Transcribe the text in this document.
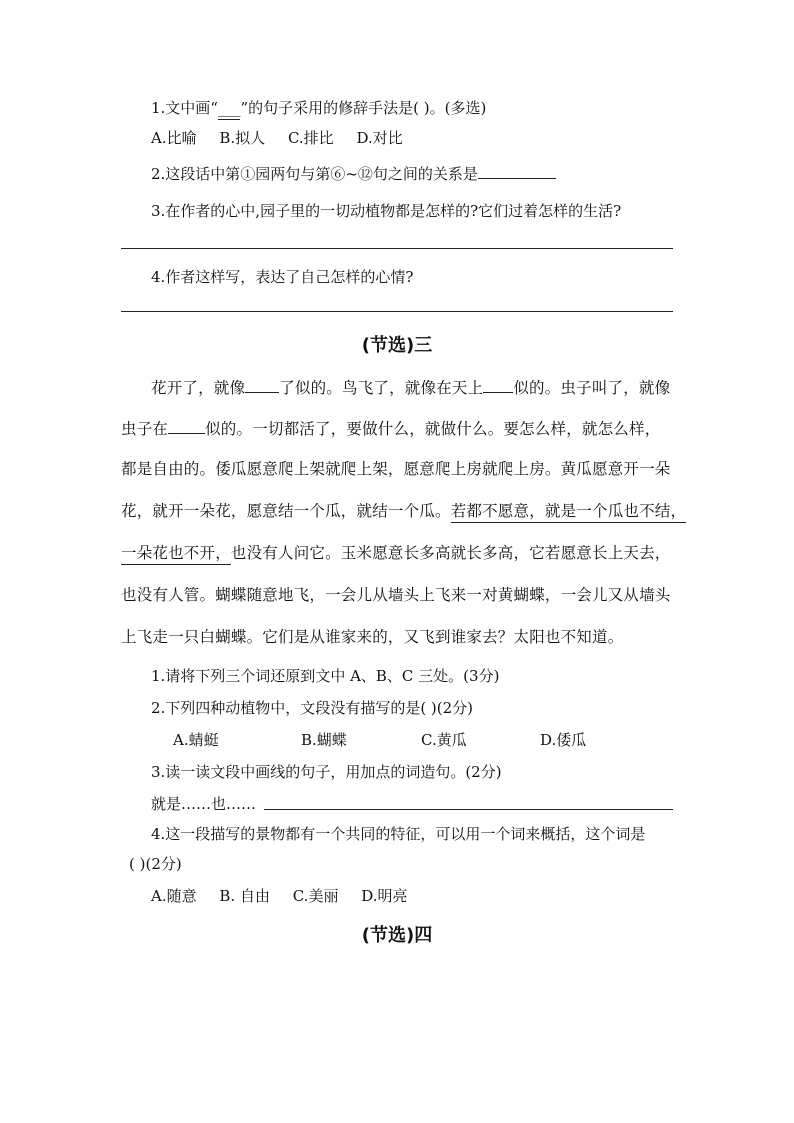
1.文中画“___”的句子采用的修辞手法是( )。(多选)
A.比喻 B.拟人 C.排比 D.对比
2.这段话中第①园两句与第⑥~⑫句之间的关系是
3.在作者的心中,园子里的一切动植物都是怎样的?它们过着怎样的生活?
4.作者这样写，表达了自己怎样的心情?
(节选)三
花开了，就像 了似的。鸟飞了，就像在天上 似的。虫子叫了，就像
虫子在 似的。一切都活了，要做什么，就做什么。要怎么样，就怎么样，
都是自由的。倭瓜愿意爬上架就爬上架，愿意爬上房就爬上房。黄瓜愿意开一朵
花，就开一朵花，愿意结一个瓜，就结一个瓜。若都不愿意，就是一个瓜也不结，
一朵花也不开，也没有人问它。玉米愿意长多高就长多高，它若愿意长上天去，
也没有人管。蝴蝶随意地飞，一会儿从墙头上飞来一对黄蝴蝶，一会儿又从墙头
上飞走一只白蝴蝶。它们是从谁家来的，又飞到谁家去？太阳也不知道。
1.请将下列三个词还原到文中 A、B、C 三处。(3分)
2.下列四种动植物中，文段没有描写的是( )(2分)
A.蜻蜓	B.蝴蝶	C.黄瓜	D.倭瓜
3.读一读文段中画线的句子，用加点的词造句。(2分)
就是……也……
4.这一段描写的景物都有一个共同的特征，可以用一个词来概括，这个词是
( )(2分)
A.随意 B. 自由 C.美丽 D.明亮
(节选)四
